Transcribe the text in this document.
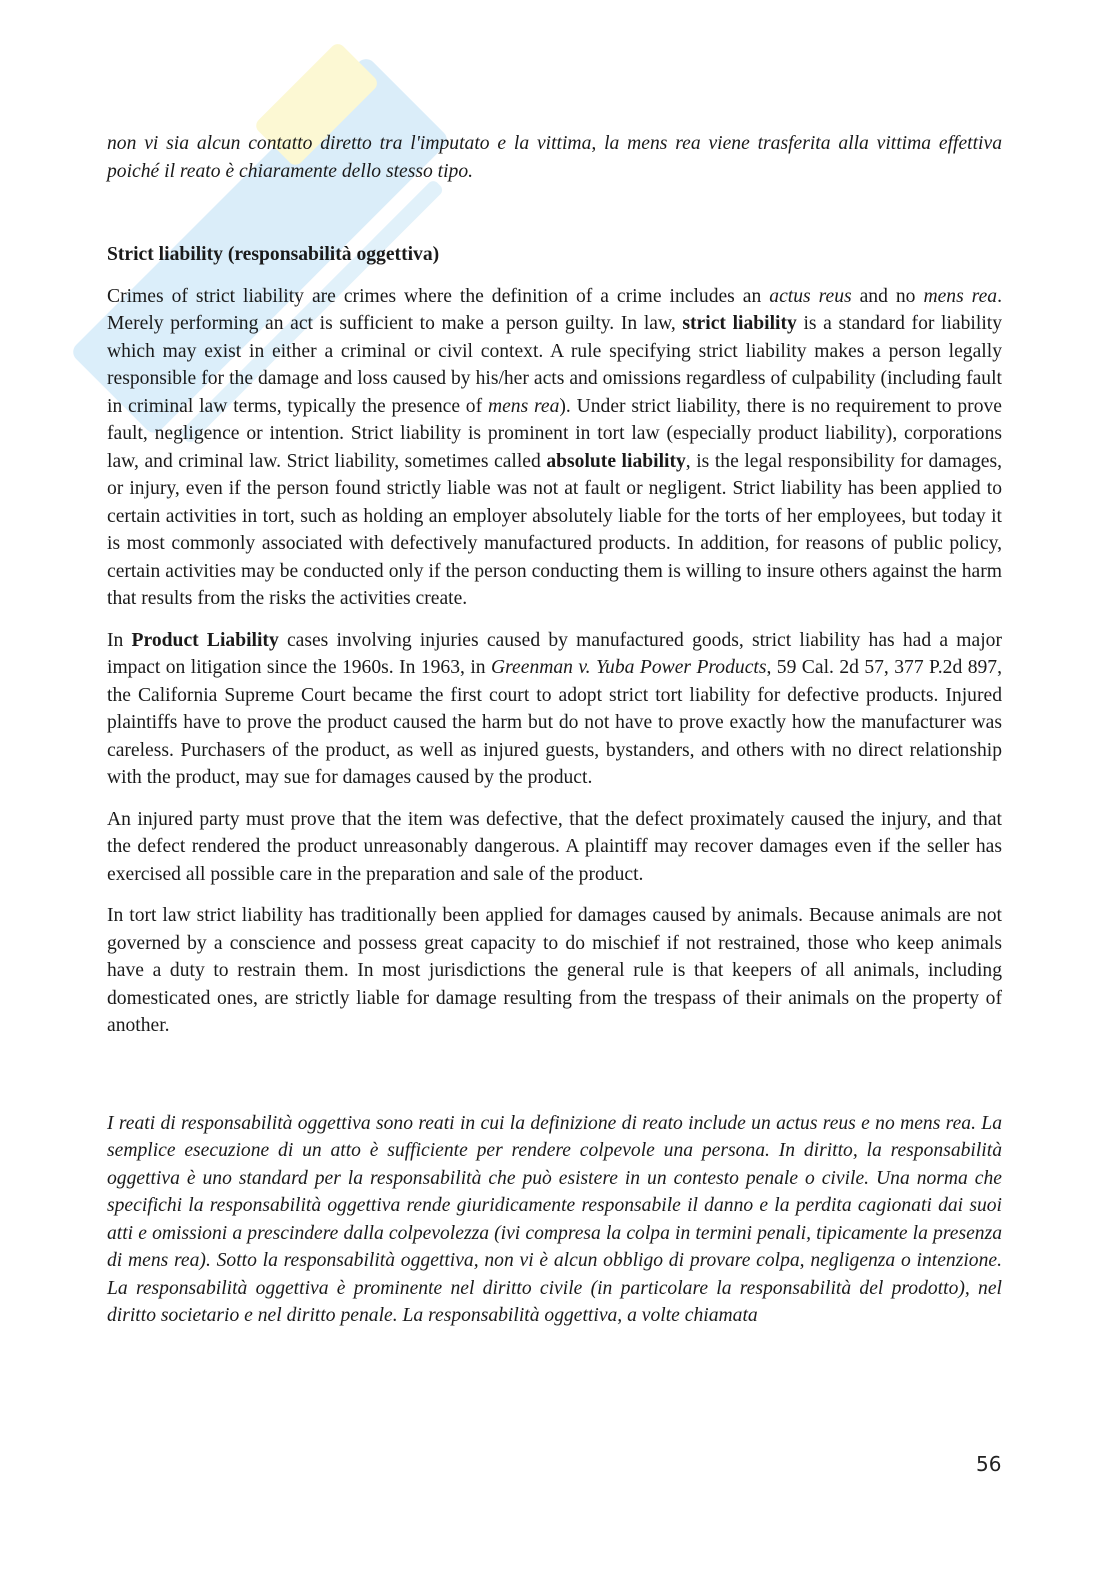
non vi sia alcun contatto diretto tra l'imputato e la vittima, la mens rea viene trasferita alla vittima effettiva poiché il reato è chiaramente dello stesso tipo.

Strict liability (responsabilità oggettiva)

Crimes of strict liability are crimes where the definition of a crime includes an actus reus and no mens rea. Merely performing an act is sufficient to make a person guilty. In law, strict liability is a standard for liability which may exist in either a criminal or civil context. A rule specifying strict liability makes a person legally responsible for the damage and loss caused by his/her acts and omissions regardless of culpability (including fault in criminal law terms, typically the presence of mens rea). Under strict liability, there is no requirement to prove fault, negligence or intention. Strict liability is prominent in tort law (especially product liability), corporations law, and criminal law. Strict liability, sometimes called absolute liability, is the legal responsibility for damages, or injury, even if the person found strictly liable was not at fault or negligent. Strict liability has been applied to certain activities in tort, such as holding an employer absolutely liable for the torts of her employees, but today it is most commonly associated with defectively manufactured products. In addition, for reasons of public policy, certain activities may be conducted only if the person conducting them is willing to insure others against the harm that results from the risks the activities create.

In Product Liability cases involving injuries caused by manufactured goods, strict liability has had a major impact on litigation since the 1960s. In 1963, in Greenman v. Yuba Power Products, 59 Cal. 2d 57, 377 P.2d 897, the California Supreme Court became the first court to adopt strict tort liability for defective products. Injured plaintiffs have to prove the product caused the harm but do not have to prove exactly how the manufacturer was careless. Purchasers of the product, as well as injured guests, bystanders, and others with no direct relationship with the product, may sue for damages caused by the product.

An injured party must prove that the item was defective, that the defect proximately caused the injury, and that the defect rendered the product unreasonably dangerous. A plaintiff may recover damages even if the seller has exercised all possible care in the preparation and sale of the product.

In tort law strict liability has traditionally been applied for damages caused by animals. Because animals are not governed by a conscience and possess great capacity to do mischief if not restrained, those who keep animals have a duty to restrain them. In most jurisdictions the general rule is that keepers of all animals, including domesticated ones, are strictly liable for damage resulting from the trespass of their animals on the property of another.

I reati di responsabilità oggettiva sono reati in cui la definizione di reato include un actus reus e no mens rea. La semplice esecuzione di un atto è sufficiente per rendere colpevole una persona. In diritto, la responsabilità oggettiva è uno standard per la responsabilità che può esistere in un contesto penale o civile. Una norma che specifichi la responsabilità oggettiva rende giuridicamente responsabile il danno e la perdita cagionati dai suoi atti e omissioni a prescindere dalla colpevolezza (ivi compresa la colpa in termini penali, tipicamente la presenza di mens rea). Sotto la responsabilità oggettiva, non vi è alcun obbligo di provare colpa, negligenza o intenzione. La responsabilità oggettiva è prominente nel diritto civile (in particolare la responsabilità del prodotto), nel diritto societario e nel diritto penale. La responsabilità oggettiva, a volte chiamata

56
